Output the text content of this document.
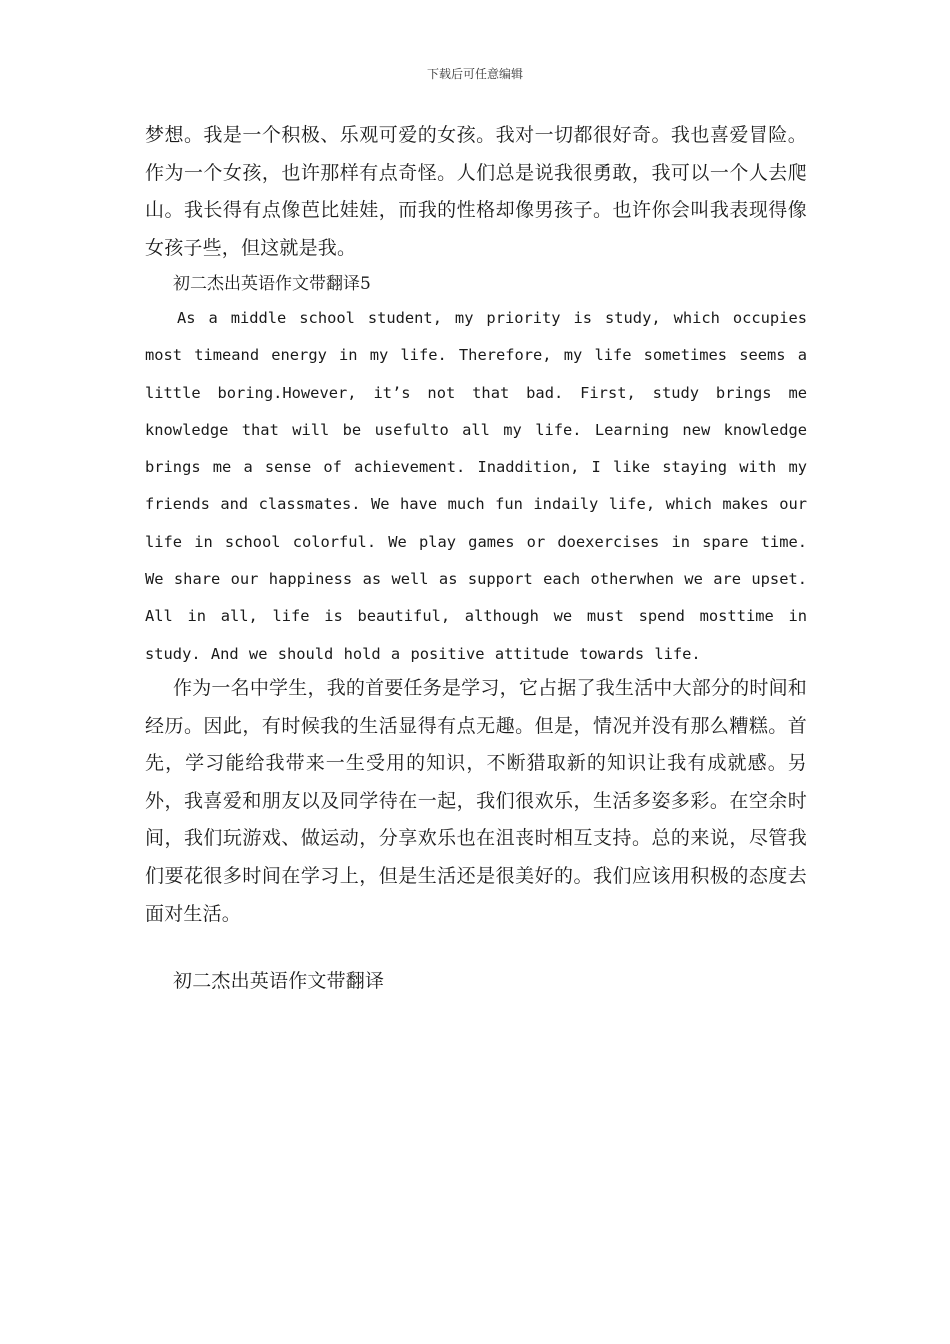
下载后可任意编辑
梦想。我是一个积极、乐观可爱的女孩。我对一切都很好奇。我也喜爱冒险。作为一个女孩，也许那样有点奇怪。人们总是说我很勇敢，我可以一个人去爬山。我长得有点像芭比娃娃，而我的性格却像男孩子。也许你会叫我表现得像女孩子些，但这就是我。
初二杰出英语作文带翻译5
As a middle school student, my priority is study, which occupies most timeand energy in my life. Therefore, my life sometimes seems a little boring.However, it’s not that bad. First, study brings me knowledge that will be usefulto all my life. Learning new knowledge brings me a sense of achievement. Inaddition, I like staying with my friends and classmates. We have much fun indaily life, which makes our life in school colorful. We play games or doexercises in spare time. We share our happiness as well as support each otherwhen we are upset. All in all, life is beautiful, although we must spend mosttime in study. And we should hold a positive attitude towards life.
作为一名中学生，我的首要任务是学习，它占据了我生活中大部分的时间和经历。因此，有时候我的生活显得有点无趣。但是，情况并没有那么糟糕。首先，学习能给我带来一生受用的知识，不断猎取新的知识让我有成就感。另外，我喜爱和朋友以及同学待在一起，我们很欢乐，生活多姿多彩。在空余时间，我们玩游戏、做运动，分享欢乐也在沮丧时相互支持。总的来说，尽管我们要花很多时间在学习上，但是生活还是很美好的。我们应该用积极的态度去面对生活。
初二杰出英语作文带翻译
